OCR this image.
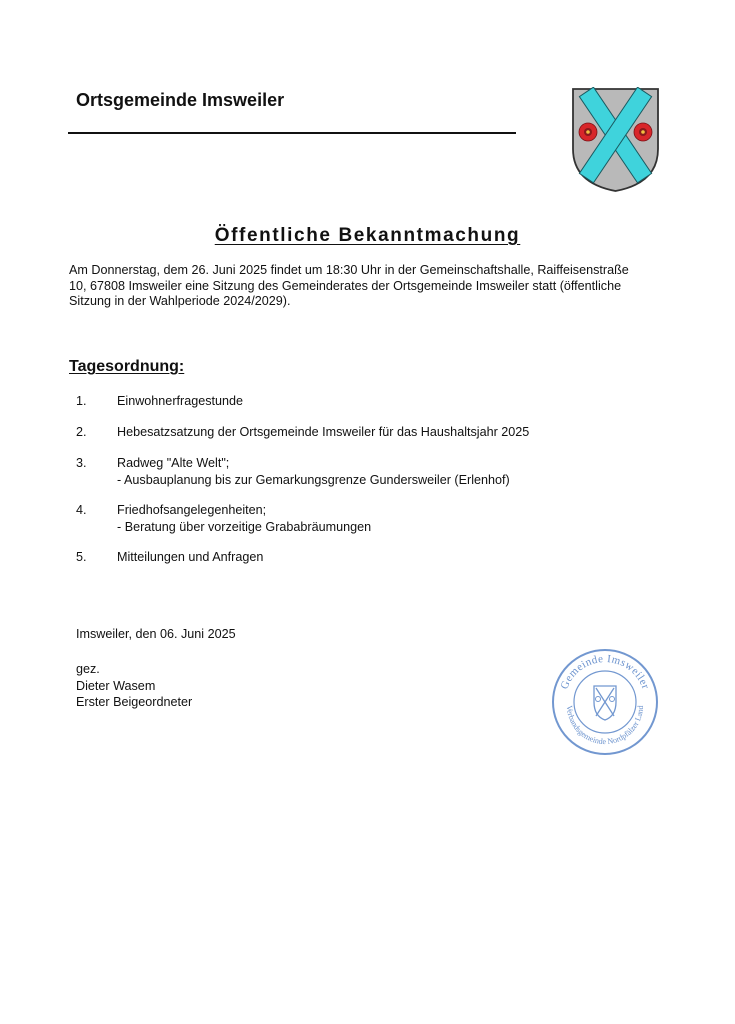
Ortsgemeinde Imsweiler
Öffentliche Bekanntmachung
Am Donnerstag, dem 26. Juni 2025 findet um 18:30 Uhr in der Gemeinschaftshalle, Raiffeisenstraße
10, 67808 Imsweiler eine Sitzung des Gemeinderates der Ortsgemeinde Imsweiler statt (öffentliche
Sitzung in der Wahlperiode 2024/2029).
Tagesordnung:
1. Einwohnerfragestunde
2. Hebesatzsatzung der Ortsgemeinde Imsweiler für das Haushaltsjahr 2025
3. Radweg "Alte Welt";
- Ausbauplanung bis zur Gemarkungsgrenze Gundersweiler (Erlenhof)
4. Friedhofsangelegenheiten;
- Beratung über vorzeitige Grababräumungen
5. Mitteilungen und Anfragen
Imsweiler, den 06. Juni 2025
gez.
Dieter Wasem
Erster Beigeordneter
Gemeinde Imsweiler
Verbandsgemeinde Nordpfälzer Land
